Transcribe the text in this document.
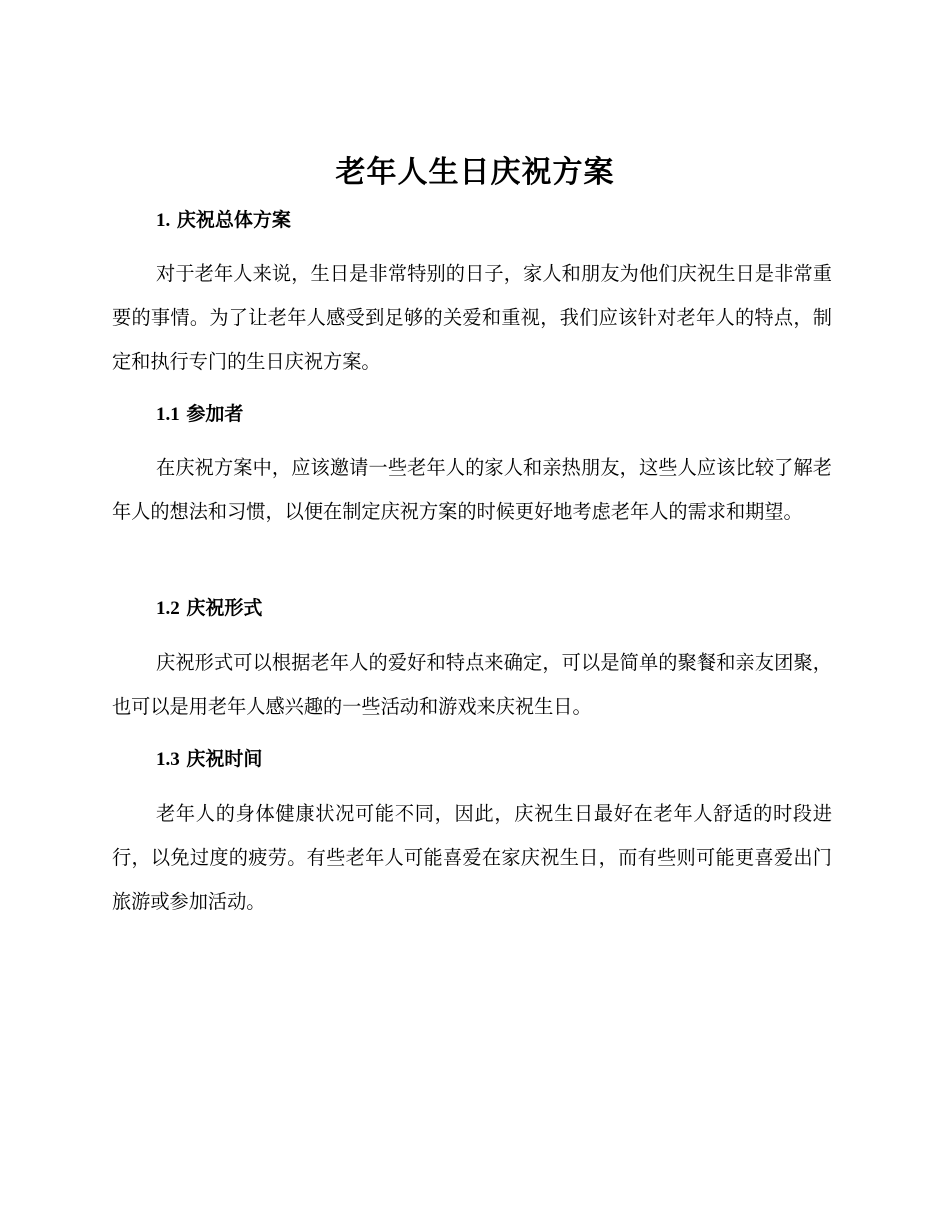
老年人生日庆祝方案
1. 庆祝总体方案

对于老年人来说，生日是非常特别的日子，家人和朋友为他们庆祝生日是非常重要的事情。为了让老年人感受到足够的关爱和重视，我们应该针对老年人的特点，制定和执行专门的生日庆祝方案。

1.1 参加者

在庆祝方案中，应该邀请一些老年人的家人和亲热朋友，这些人应该比较了解老年人的想法和习惯，以便在制定庆祝方案的时候更好地考虑老年人的需求和期望。

1.2 庆祝形式

庆祝形式可以根据老年人的爱好和特点来确定，可以是简单的聚餐和亲友团聚，也可以是用老年人感兴趣的一些活动和游戏来庆祝生日。

1.3 庆祝时间

老年人的身体健康状况可能不同，因此，庆祝生日最好在老年人舒适的时段进行，以免过度的疲劳。有些老年人可能喜爱在家庆祝生日，而有些则可能更喜爱出门旅游或参加活动。
